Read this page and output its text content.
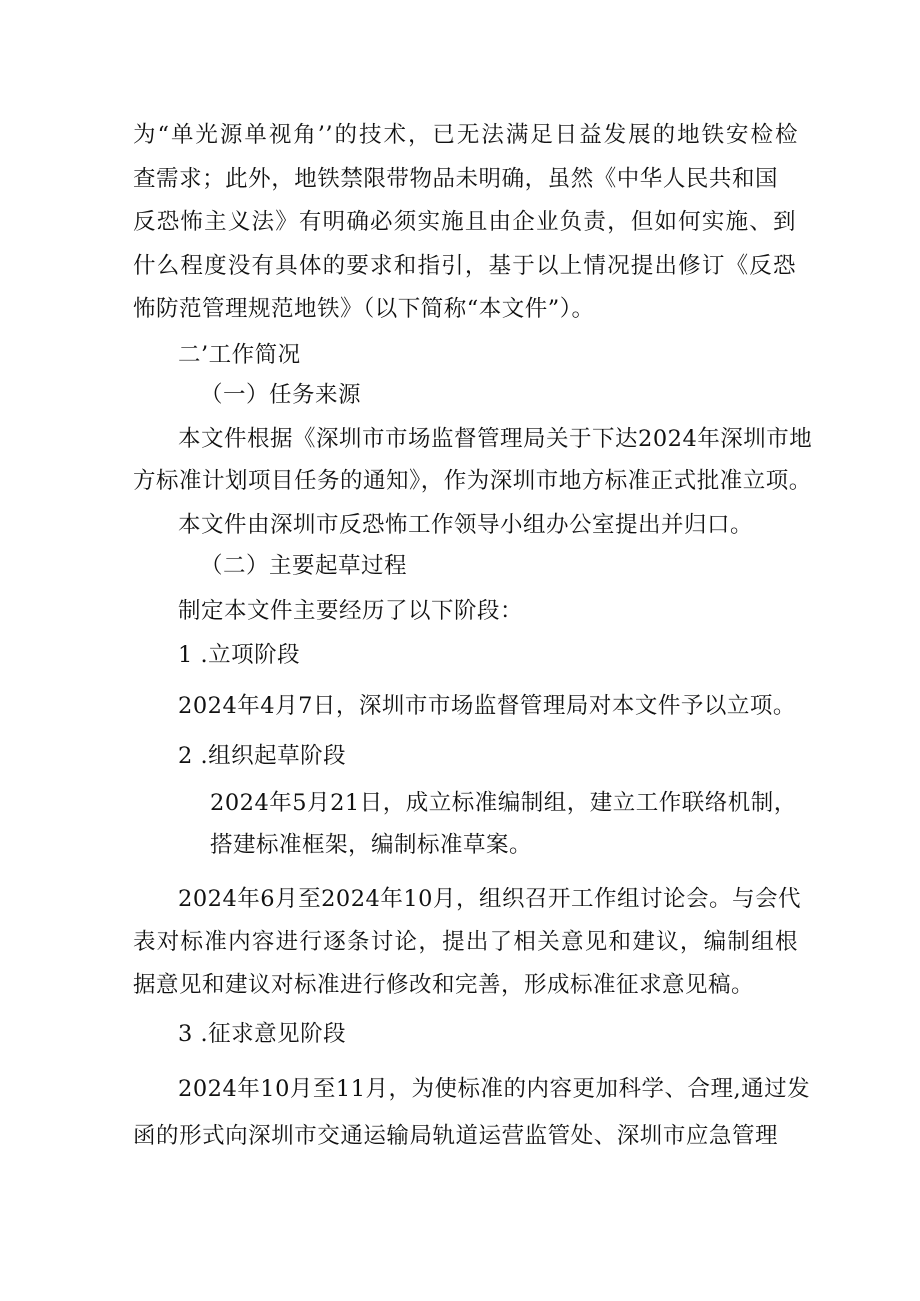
为“单光源单视角’’的技术，已无法满足日益发展的地铁安检检
查需求；此外，地铁禁限带物品未明确，虽然《中华人民共和国
反恐怖主义法》有明确必须实施且由企业负责，但如何实施、到
什么程度没有具体的要求和指引，基于以上情况提出修订《反恐
怖防范管理规范地铁》（以下简称“本文件”）。
二’工作简况
（一）任务来源
本文件根据《深圳市市场监督管理局关于下达2024年深圳市地
方标准计划项目任务的通知》，作为深圳市地方标准正式批准立项。
本文件由深圳市反恐怖工作领导小组办公室提出并归口。
（二）主要起草过程
制定本文件主要经历了以下阶段：
1 .立项阶段
2024年4月7日，深圳市市场监督管理局对本文件予以立项。
2 .组织起草阶段
2024年5月21日，成立标准编制组，建立工作联络机制，
搭建标准框架，编制标准草案。
2024年6月至2024年10月，组织召开工作组讨论会。与会代
表对标准内容进行逐条讨论，提出了相关意见和建议，编制组根
据意见和建议对标准进行修改和完善，形成标准征求意见稿。
3 .征求意见阶段
2024年10月至11月，为使标准的内容更加科学、合理,通过发
函的形式向深圳市交通运输局轨道运营监管处、深圳市应急管理
